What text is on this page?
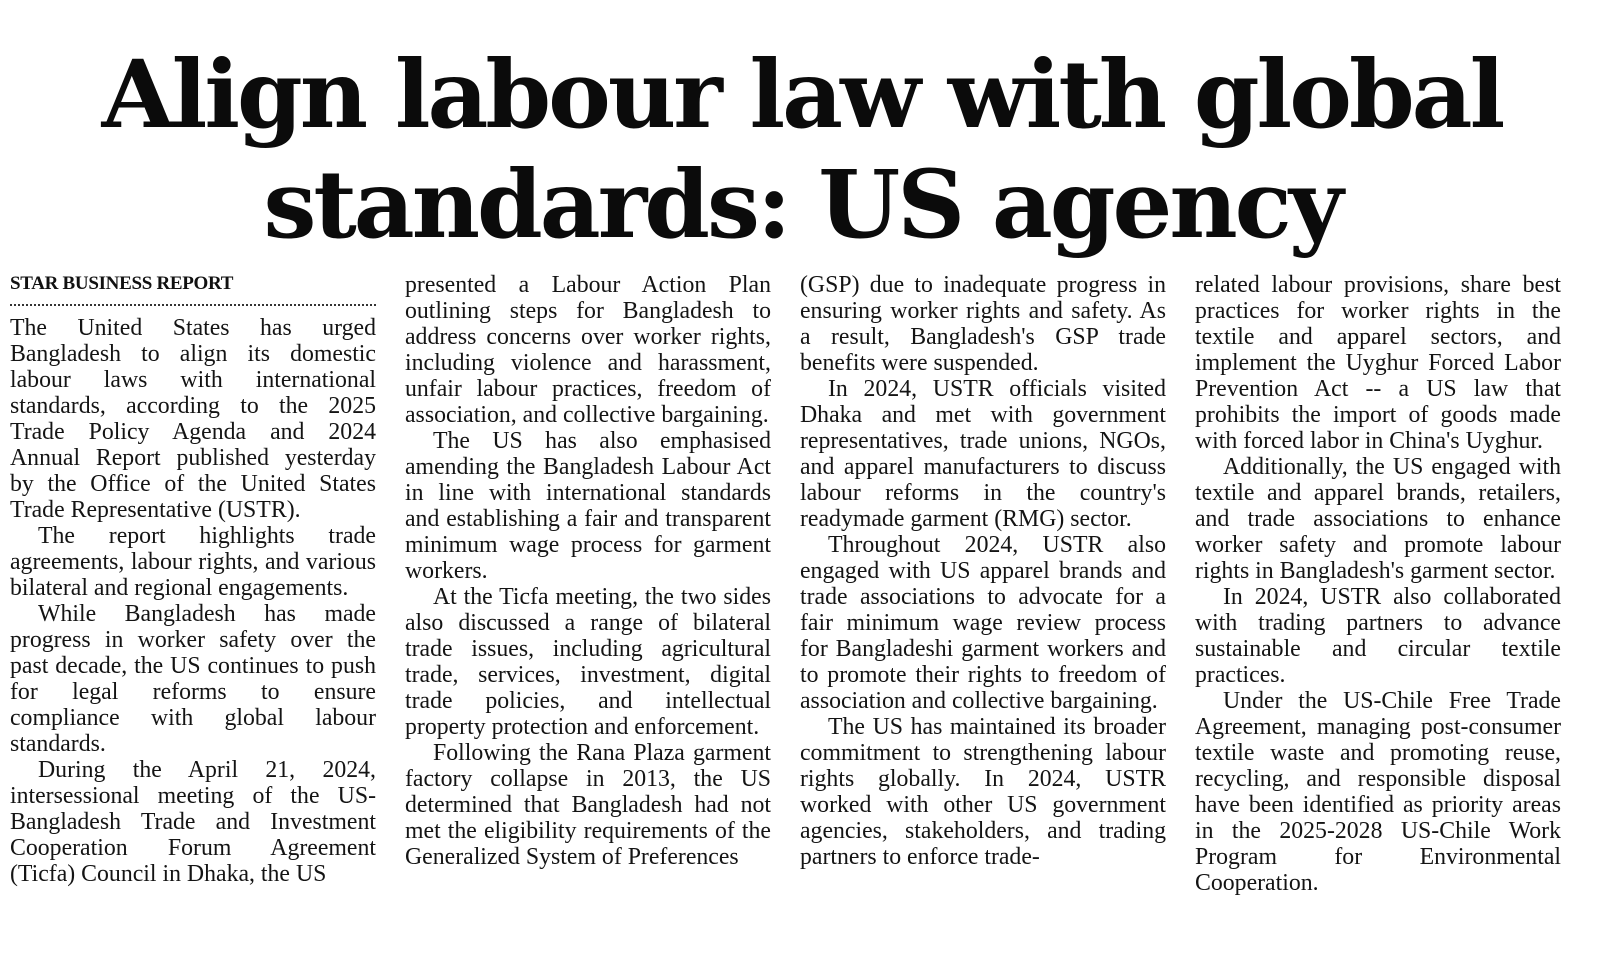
Align labour law with global
standards: US agency
STAR BUSINESS REPORT

The United States has urged Bangladesh to align its domestic labour laws with international standards, according to the 2025 Trade Policy Agenda and 2024 Annual Report published yesterday by the Office of the United States Trade Representative (USTR).

The report highlights trade agreements, labour rights, and various bilateral and regional engagements.

While Bangladesh has made progress in worker safety over the past decade, the US continues to push for legal reforms to ensure compliance with global labour standards.

During the April 21, 2024, intersessional meeting of the US-Bangladesh Trade and Investment Cooperation Forum Agreement (Ticfa) Council in Dhaka, the US

presented a Labour Action Plan outlining steps for Bangladesh to address concerns over worker rights, including violence and harassment, unfair labour practices, freedom of association, and collective bargaining.

The US has also emphasised amending the Bangladesh Labour Act in line with international standards and establishing a fair and transparent minimum wage process for garment workers.

At the Ticfa meeting, the two sides also discussed a range of bilateral trade issues, including agricultural trade, services, investment, digital trade policies, and intellectual property protection and enforcement.

Following the Rana Plaza garment factory collapse in 2013, the US determined that Bangladesh had not met the eligibility requirements of the Generalized System of Preferences

(GSP) due to inadequate progress in ensuring worker rights and safety. As a result, Bangladesh's GSP trade benefits were suspended.

In 2024, USTR officials visited Dhaka and met with government representatives, trade unions, NGOs, and apparel manufacturers to discuss labour reforms in the country's readymade garment (RMG) sector.

Throughout 2024, USTR also engaged with US apparel brands and trade associations to advocate for a fair minimum wage review process for Bangladeshi garment workers and to promote their rights to freedom of association and collective bargaining.

The US has maintained its broader commitment to strengthening labour rights globally. In 2024, USTR worked with other US government agencies, stakeholders, and trading partners to enforce trade-

related labour provisions, share best practices for worker rights in the textile and apparel sectors, and implement the Uyghur Forced Labor Prevention Act -- a US law that prohibits the import of goods made with forced labor in China's Uyghur.

Additionally, the US engaged with textile and apparel brands, retailers, and trade associations to enhance worker safety and promote labour rights in Bangladesh's garment sector.

In 2024, USTR also collaborated with trading partners to advance sustainable and circular textile practices.

Under the US-Chile Free Trade Agreement, managing post-consumer textile waste and promoting reuse, recycling, and responsible disposal have been identified as priority areas in the 2025-2028 US-Chile Work Program for Environmental Cooperation.
